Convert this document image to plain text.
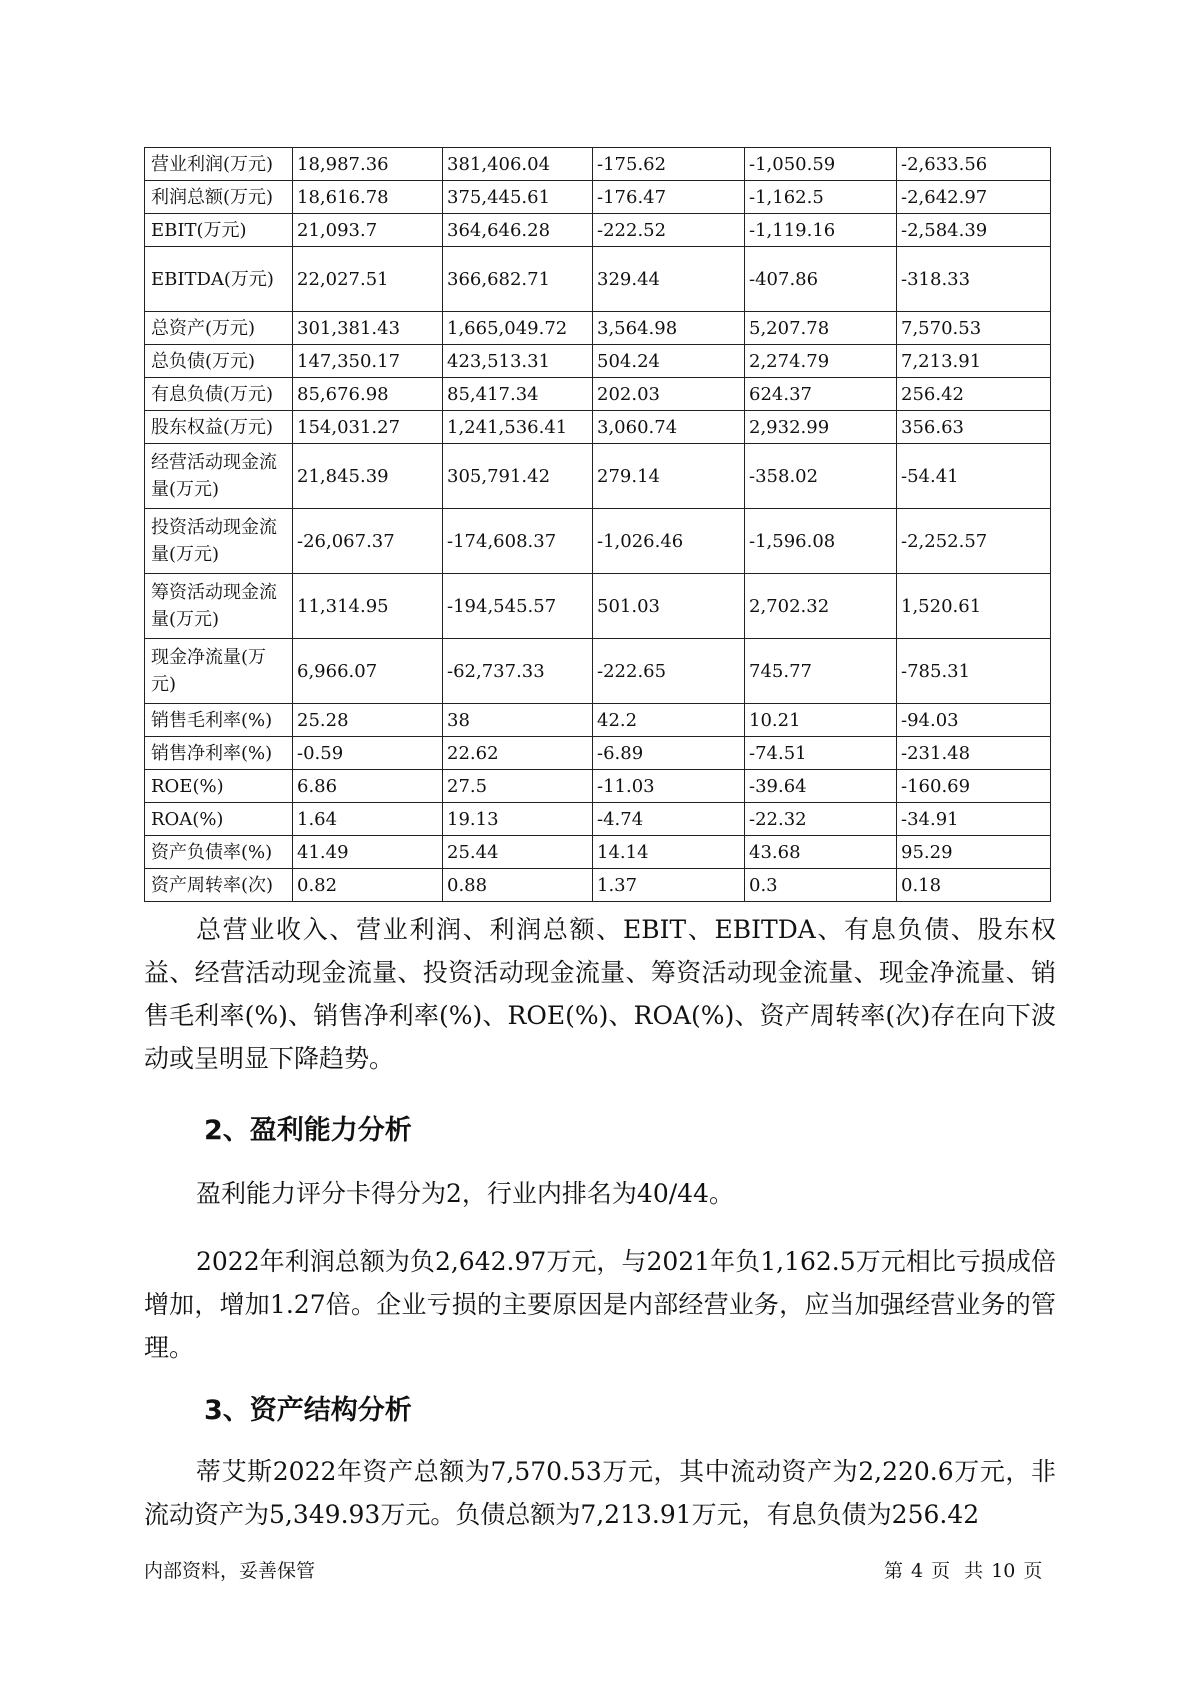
营业利润(万元)	18,987.36	381,406.04	-175.62	-1,050.59	-2,633.56
利润总额(万元)	18,616.78	375,445.61	-176.47	-1,162.5	-2,642.97
EBIT(万元)	21,093.7	364,646.28	-222.52	-1,119.16	-2,584.39
EBITDA(万元)	22,027.51	366,682.71	329.44	-407.86	-318.33
总资产(万元)	301,381.43	1,665,049.72	3,564.98	5,207.78	7,570.53
总负债(万元)	147,350.17	423,513.31	504.24	2,274.79	7,213.91
有息负债(万元)	85,676.98	85,417.34	202.03	624.37	256.42
股东权益(万元)	154,031.27	1,241,536.41	3,060.74	2,932.99	356.63
经营活动现金流量(万元)	21,845.39	305,791.42	279.14	-358.02	-54.41
投资活动现金流量(万元)	-26,067.37	-174,608.37	-1,026.46	-1,596.08	-2,252.57
筹资活动现金流量(万元)	11,314.95	-194,545.57	501.03	2,702.32	1,520.61
现金净流量(万元)	6,966.07	-62,737.33	-222.65	745.77	-785.31
销售毛利率(%)	25.28	38	42.2	10.21	-94.03
销售净利率(%)	-0.59	22.62	-6.89	-74.51	-231.48
ROE(%)	6.86	27.5	-11.03	-39.64	-160.69
ROA(%)	1.64	19.13	-4.74	-22.32	-34.91
资产负债率(%)	41.49	25.44	14.14	43.68	95.29
资产周转率(次)	0.82	0.88	1.37	0.3	0.18

总营业收入、营业利润、利润总额、EBIT、EBITDA、有息负债、股东权益、经营活动现金流量、投资活动现金流量、筹资活动现金流量、现金净流量、销售毛利率(%)、销售净利率(%)、ROE(%)、ROA(%)、资产周转率(次)存在向下波动或呈明显下降趋势。

2、盈利能力分析

盈利能力评分卡得分为2，行业内排名为40/44。

2022年利润总额为负2,642.97万元，与2021年负1,162.5万元相比亏损成倍增加，增加1.27倍。企业亏损的主要原因是内部经营业务，应当加强经营业务的管理。

3、资产结构分析

蒂艾斯2022年资产总额为7,570.53万元，其中流动资产为2,220.6万元，非流动资产为5,349.93万元。负债总额为7,213.91万元，有息负债为256.42

内部资料，妥善保管	第 4 页 共 10 页
